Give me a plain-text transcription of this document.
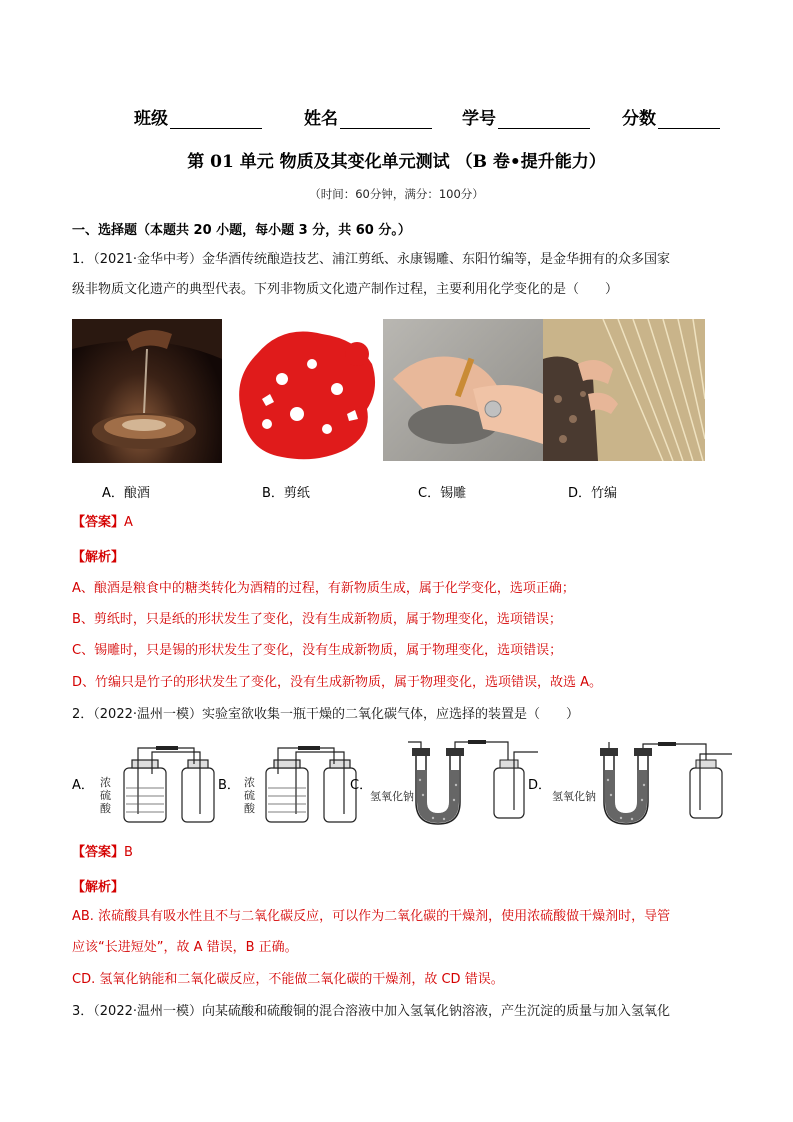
班级	姓名	学号	分数
第 01 单元 物质及其变化单元测试 （B 卷•提升能力）
（时间：60分钟，满分：100分）
一、选择题（本题共 20 小题，每小题 3 分，共 60 分。）
1．（2021·金华中考）金华酒传统酿造技艺、浦江剪纸、永康锡雕、东阳竹编等，是金华拥有的众多国家
级非物质文化遗产的典型代表。下列非物质文化遗产制作过程，主要利用化学变化的是（　　）
A．酿酒	B．剪纸	C．锡雕	D．竹编
【答案】A
【解析】
A、酿酒是粮食中的糖类转化为酒精的过程，有新物质生成，属于化学变化，选项正确；
B、剪纸时，只是纸的形状发生了变化，没有生成新物质，属于物理变化，选项错误；
C、锡雕时，只是锡的形状发生了变化，没有生成新物质，属于物理变化，选项错误；
D、竹编只是竹子的形状发生了变化，没有生成新物质，属于物理变化，选项错误，故选 A。
2．（2022·温州一模）实验室欲收集一瓶干燥的二氧化碳气体，应选择的装置是（　　）
A． 浓
硫
酸
B． 浓
硫
酸
C．
氢氧化钠
D．
氢氧化钠
【答案】B
【解析】
AB. 浓硫酸具有吸水性且不与二氧化碳反应，可以作为二氧化碳的干燥剂，使用浓硫酸做干燥剂时，导管
应该“长进短处”，故 A 错误，B 正确。
CD. 氢氧化钠能和二氧化碳反应，不能做二氧化碳的干燥剂，故 CD 错误。
3．（2022·温州一模）向某硫酸和硫酸铜的混合溶液中加入氢氧化钠溶液，产生沉淀的质量与加入氢氧化
